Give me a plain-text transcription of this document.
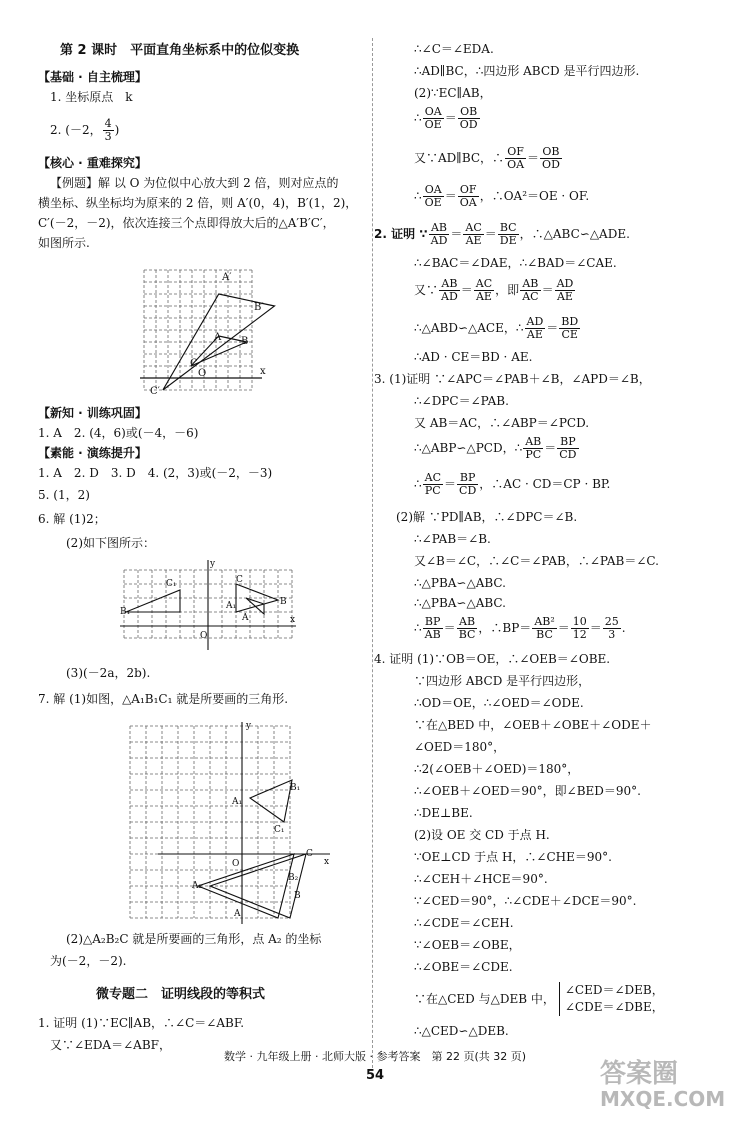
第 2 课时　平面直角坐标系中的位似变换
【基础 · 自主梳理】
1. 坐标原点　k
2. (－2， $\frac{4}{3}$ )
【核心 · 重难探究】
【例题】解 以 O 为位似中心放大到 2 倍，则对应点的
横坐标、纵坐标均为原来的 2 倍，则 A′(0，4)，B′(1，2)，
C′(－2，－2)，依次连接三个点即得放大后的△A′B′C′，
如图所示.
A′
B′
B
A
C
O
C′
x
【新知 · 训练巩固】
1. A　2. (4，6)或(－4，－6)
【素能 · 演练提升】
1. A　2. D　3. D　4. (2，3)或(－2，－3)
5. (1，2)
6. 解 (1)2；
(2)如下图所示：
y
C₁	C
A₁
A
B₁
B
O
x
(3)(－2a，2b).
7. 解 (1)如图，△A₁B₁C₁ 就是所要画的三角形.
B₁
A₁
C₁
C
y
O	x
A₂
A
B₂
B
(2)△A₂B₂C 就是所要画的三角形，点 A₂ 的坐标
为(－2，－2).
微专题二　证明线段的等积式
1. 证明 (1)∵EC∥AB，∴∠C＝∠ABF.
又∵∠EDA＝∠ABF，
∴∠C＝∠EDA.
∴AD∥BC，∴四边形 ABCD 是平行四边形.
(2)∵EC∥AB，
∴ $\frac{OA}{OE} = \frac{OB}{OD}$
又∵AD∥BC，∴ $\frac{OF}{OA} = \frac{OB}{OD}$
∴ $\frac{OA}{OE} = \frac{OF}{OA}$ ，∴OA²＝OE · OF.
2. 证明 ∵ $\frac{AB}{AD} = \frac{AC}{AE} = \frac{BC}{DE}$ ，∴△ABC∽△ADE.
∴∠BAC＝∠DAE，∴∠BAD＝∠CAE.
又∵ $\frac{AB}{AD} = \frac{AC}{AE}$ ，即 $\frac{AB}{AC} = \frac{AD}{AE}$
∴△ABD∽△ACE，∴ $\frac{AD}{AE} = \frac{BD}{CE}$
∴AD · CE＝BD · AE.
3. (1)证明 ∵∠APC＝∠PAB＋∠B，∠APD＝∠B，
∴∠DPC＝∠PAB.
又 AB＝AC，∴∠ABP＝∠PCD.
∴△ABP∽△PCD，∴ $\frac{AB}{PC} = \frac{BP}{CD}$
∴ $\frac{AC}{PC} = \frac{BP}{CD}$ ，∴AC · CD＝CP · BP.
(2)解 ∵PD∥AB，∴∠DPC＝∠B.
∴∠PAB＝∠B.
又∠B＝∠C，∴∠C＝∠PAB，∴∠PAB＝∠C.
∴△PBA∽△ABC.
∴△PBA∽△ABC.
∴ $\frac{BP}{AB} = \frac{AB}{BC}$ ，∴BP＝ $\frac{\text{AB²}}{BC} = \frac{10}{12} = \frac{25}{3}$ .
4. 证明 (1)∵OB＝OE，∴∠OEB＝∠OBE.
∵四边形 ABCD 是平行四边形，
∴OD＝OE，∴∠OED＝∠ODE.
∵在△BED 中，∠OEB＋∠OBE＋∠ODE＋
∠OED＝180°，
∴2(∠OEB＋∠OED)＝180°，
∴∠OEB＋∠OED＝90°，即∠BED＝90°.
∴DE⊥BE.
(2)设 OE 交 CD 于点 H.
∵OE⊥CD 于点 H，∴∠CHE＝90°.
∴∠CEH＋∠HCE＝90°.
∵∠CED＝90°，∴∠CDE＋∠DCE＝90°.
∴∠CDE＝∠CEH.
∵∠OEB＝∠OBE，
∴∠OBE＝∠CDE.
∵在△CED 与△DEB 中，
∠CED＝∠DEB，
∠CDE＝∠DBE，
∴△CED∽△DEB.
数学 · 九年级上册 · 北师大版 · 参考答案　第 22 页(共 32 页)
54	答案圈
MXQE.COM
